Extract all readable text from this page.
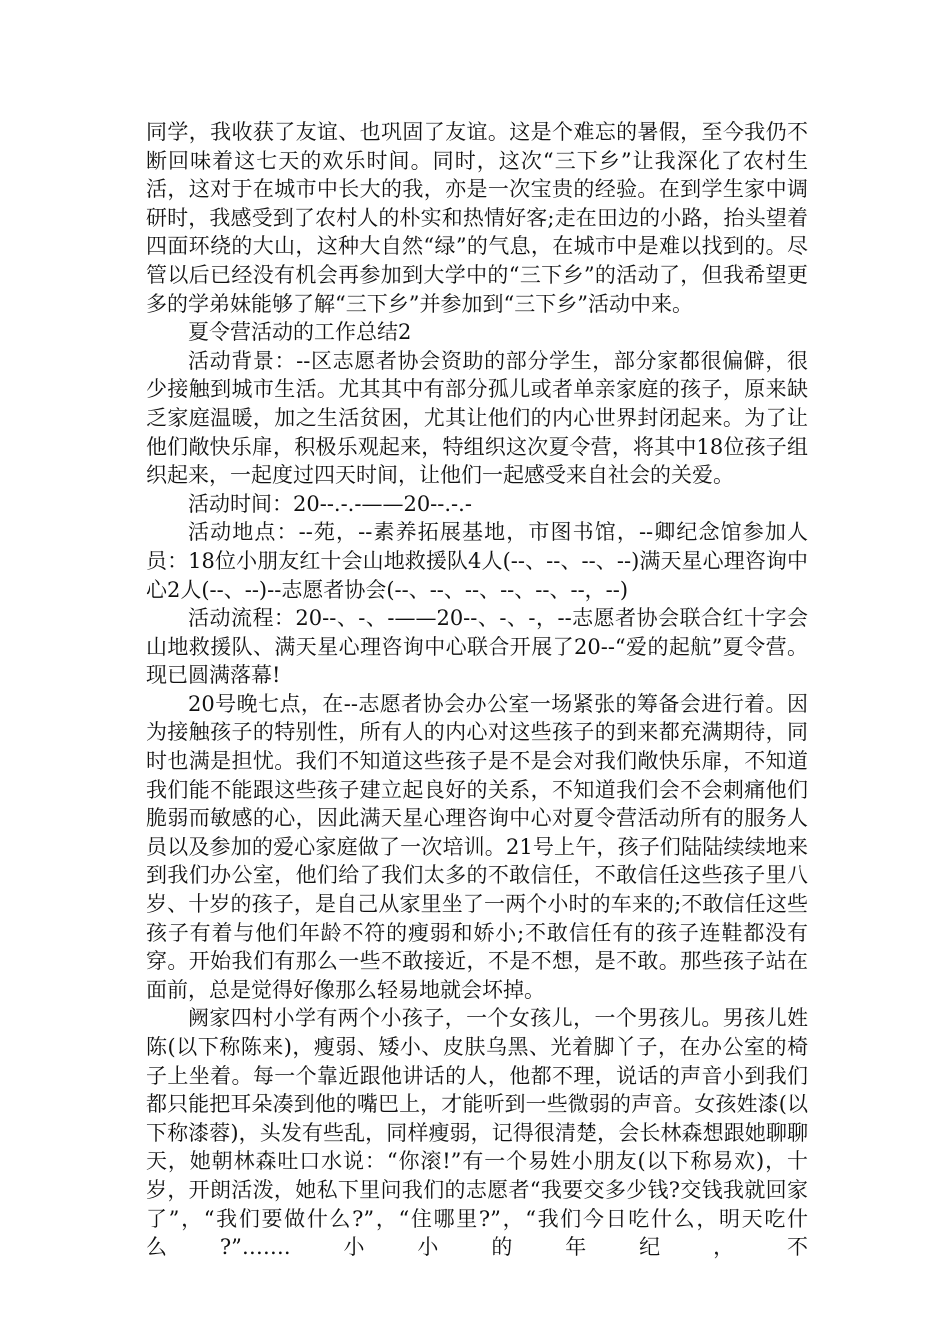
同学，我收获了友谊、也巩固了友谊。这是个难忘的暑假，至今我仍不断回味着这七天的欢乐时间。同时，这次“三下乡”让我深化了农村生活，这对于在城市中长大的我，亦是一次宝贵的经验。在到学生家中调研时，我感受到了农村人的朴实和热情好客;走在田边的小路，抬头望着四面环绕的大山，这种大自然“绿”的气息，在城市中是难以找到的。尽管以后已经没有机会再参加到大学中的“三下乡”的活动了，但我希望更多的学弟妹能够了解“三下乡”并参加到“三下乡”活动中来。

夏令营活动的工作总结2

活动背景：--区志愿者协会资助的部分学生，部分家都很偏僻，很少接触到城市生活。尤其其中有部分孤儿或者单亲家庭的孩子，原来缺乏家庭温暖，加之生活贫困，尤其让他们的内心世界封闭起来。为了让他们敞快乐扉，积极乐观起来，特组织这次夏令营，将其中18位孩子组织起来，一起度过四天时间，让他们一起感受来自社会的关爱。

活动时间：20--.-.-——20--.-.-

活动地点：--苑，--素养拓展基地，市图书馆，--卿纪念馆参加人员：18位小朋友红十会山地救援队4人(--、--、--、--)满天星心理咨询中心2人(--、--)--志愿者协会(--、--、--、--、--、--，--)

活动流程：20--、-、-——20--、-、-，--志愿者协会联合红十字会山地救援队、满天星心理咨询中心联合开展了20--“爱的起航”夏令营。现已圆满落幕!

20号晚七点，在--志愿者协会办公室一场紧张的筹备会进行着。因为接触孩子的特别性，所有人的内心对这些孩子的到来都充满期待，同时也满是担忧。我们不知道这些孩子是不是会对我们敞快乐扉，不知道我们能不能跟这些孩子建立起良好的关系，不知道我们会不会刺痛他们脆弱而敏感的心，因此满天星心理咨询中心对夏令营活动所有的服务人员以及参加的爱心家庭做了一次培训。21号上午，孩子们陆陆续续地来到我们办公室，他们给了我们太多的不敢信任，不敢信任这些孩子里八岁、十岁的孩子，是自己从家里坐了一两个小时的车来的;不敢信任这些孩子有着与他们年龄不符的瘦弱和娇小;不敢信任有的孩子连鞋都没有穿。开始我们有那么一些不敢接近，不是不想，是不敢。那些孩子站在面前，总是觉得好像那么轻易地就会坏掉。

阙家四村小学有两个小孩子，一个女孩儿，一个男孩儿。男孩儿姓陈(以下称陈来)，瘦弱、矮小、皮肤乌黑、光着脚丫子，在办公室的椅子上坐着。每一个靠近跟他讲话的人，他都不理，说话的声音小到我们都只能把耳朵凑到他的嘴巴上，才能听到一些微弱的声音。女孩姓漆(以下称漆蓉)，头发有些乱，同样瘦弱，记得很清楚，会长林森想跟她聊聊天，她朝林森吐口水说：“你滚!”有一个易姓小朋友(以下称易欢)，十岁，开朗活泼，她私下里问我们的志愿者“我要交多少钱?交钱我就回家了”，“我们要做什么?”，“住哪里?”，“我们今日吃什么，明天吃什么?”…….小小的年纪，不
